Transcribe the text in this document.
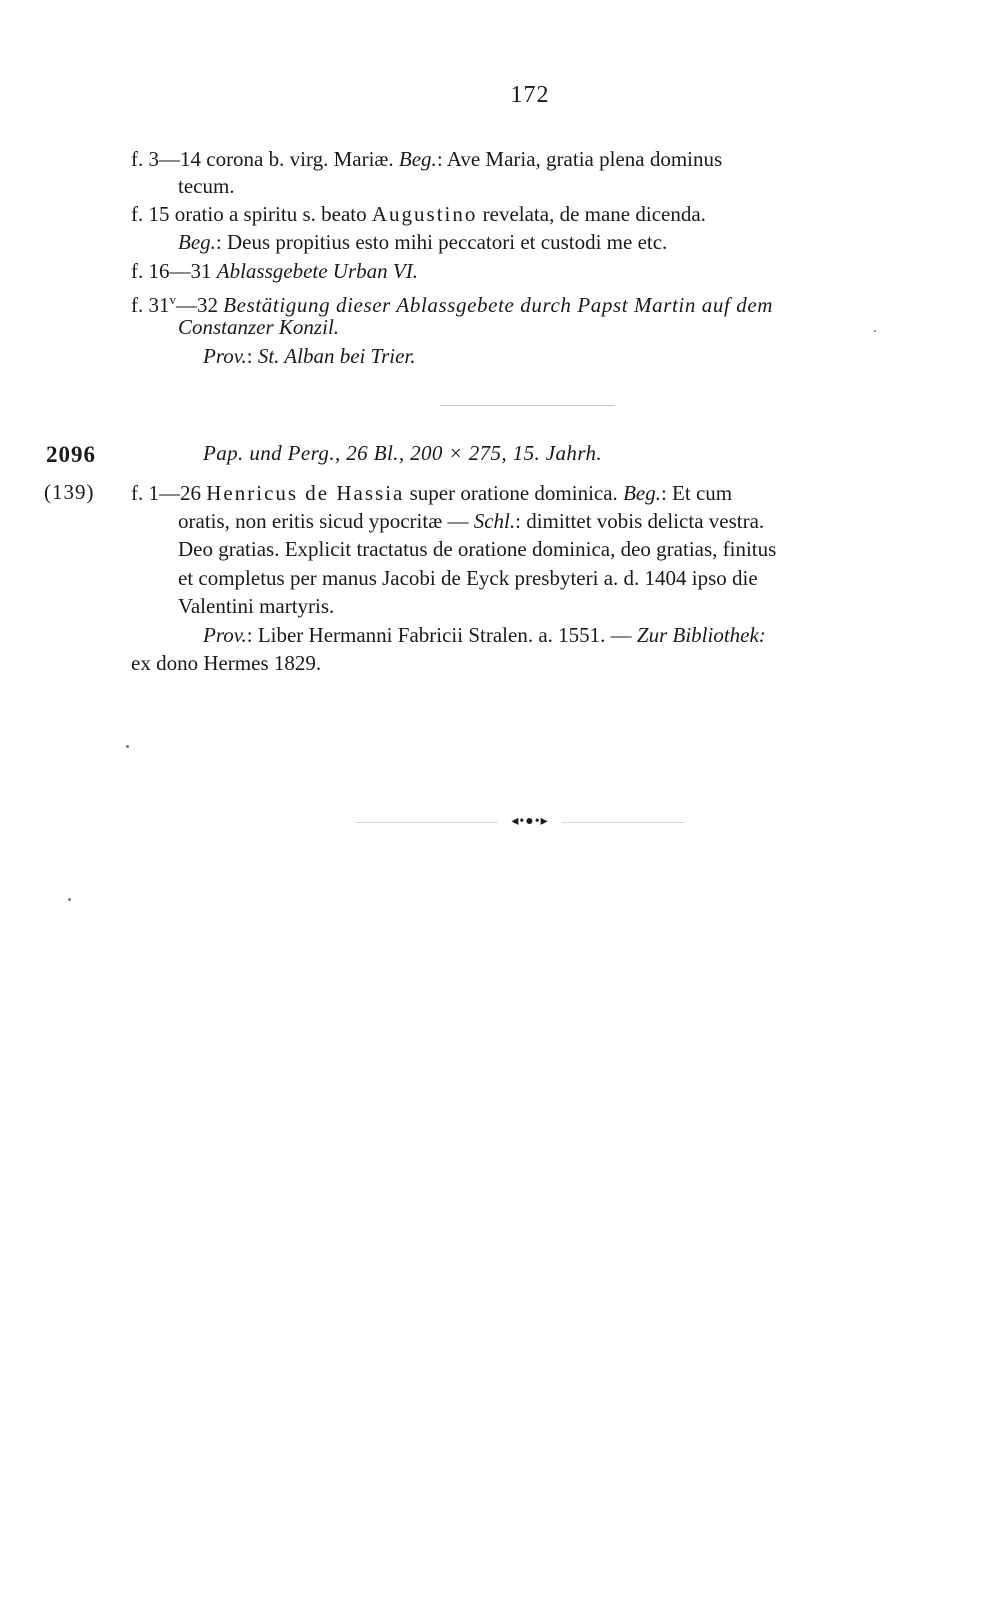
172
f. 3—14 corona b. virg. Mariæ. Beg.: Ave Maria, gratia plena dominus
tecum.
f. 15 oratio a spiritu s. beato Augustino revelata, de mane dicenda.
Beg.: Deus propitius esto mihi peccatori et custodi me etc.
f. 16—31 Ablassgebete Urban VI.
f. 31$^v$—32 Bestätigung dieser Ablassgebete durch Papst Martin auf dem
Constanzer Konzil.
Prov.: St. Alban bei Trier.
2096
(139)
Pap. und Perg., 26 Bl., 200 × 275, 15. Jahrh.
f. 1—26 Henricus de Hassia super oratione dominica. Beg.: Et cum
oratis, non eritis sicud ypocritæ — Schl.: dimittet vobis delicta vestra.
Deo gratias. Explicit tractatus de oratione dominica, deo gratias, finitus
et completus per manus Jacobi de Eyck presbyteri a. d. 1404 ipso die
Valentini martyris.
Prov.: Liber Hermanni Fabricii Stralen. a. 1551. — Zur Bibliothek:
ex dono Hermes 1829.
◂•●•▸
